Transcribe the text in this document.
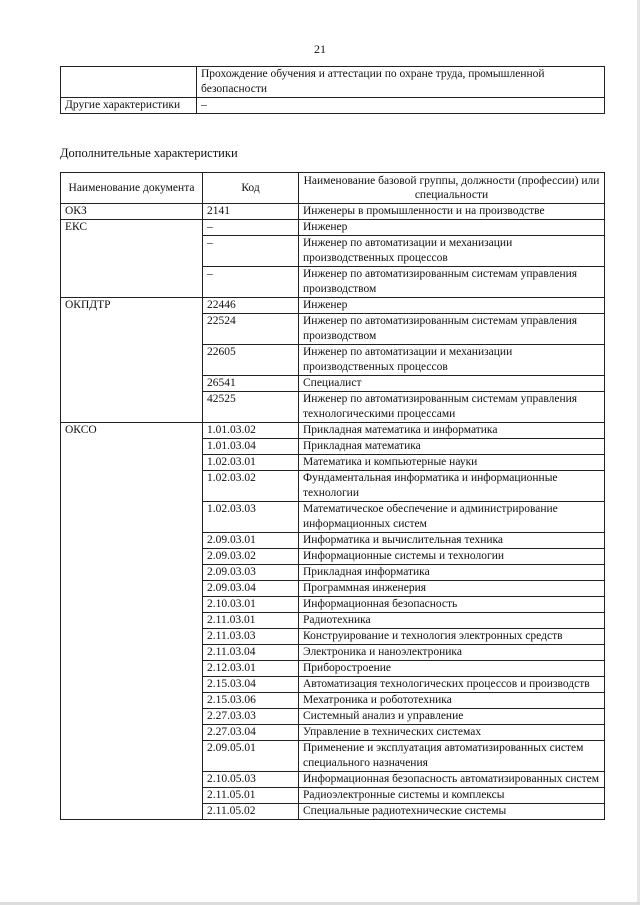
21
	Прохождение обучения и аттестации по охране труда, промышленной безопасности
Другие характеристики	–
Дополнительные характеристики
Наименование документа	Код	Наименование базовой группы, должности (профессии) или специальности
ОКЗ	2141	Инженеры в промышленности и на производстве
ЕКС	–	Инженер
	–	Инженер по автоматизации и механизации производственных процессов
	–	Инженер по автоматизированным системам управления производством
ОКПДТР	22446	Инженер
	22524	Инженер по автоматизированным системам управления производством
	22605	Инженер по автоматизации и механизации производственных процессов
	26541	Специалист
	42525	Инженер по автоматизированным системам управления технологическими процессами
ОКСО	1.01.03.02	Прикладная математика и информатика
	1.01.03.04	Прикладная математика
	1.02.03.01	Математика и компьютерные науки
	1.02.03.02	Фундаментальная информатика и информационные технологии
	1.02.03.03	Математическое обеспечение и администрирование информационных систем
	2.09.03.01	Информатика и вычислительная техника
	2.09.03.02	Информационные системы и технологии
	2.09.03.03	Прикладная информатика
	2.09.03.04	Программная инженерия
	2.10.03.01	Информационная безопасность
	2.11.03.01	Радиотехника
	2.11.03.03	Конструирование и технология электронных средств
	2.11.03.04	Электроника и наноэлектроника
	2.12.03.01	Приборостроение
	2.15.03.04	Автоматизация технологических процессов и производств
	2.15.03.06	Мехатроника и робототехника
	2.27.03.03	Системный анализ и управление
	2.27.03.04	Управление в технических системах
	2.09.05.01	Применение и эксплуатация автоматизированных систем специального назначения
	2.10.05.03	Информационная безопасность автоматизированных систем
	2.11.05.01	Радиоэлектронные системы и комплексы
	2.11.05.02	Специальные радиотехнические системы
